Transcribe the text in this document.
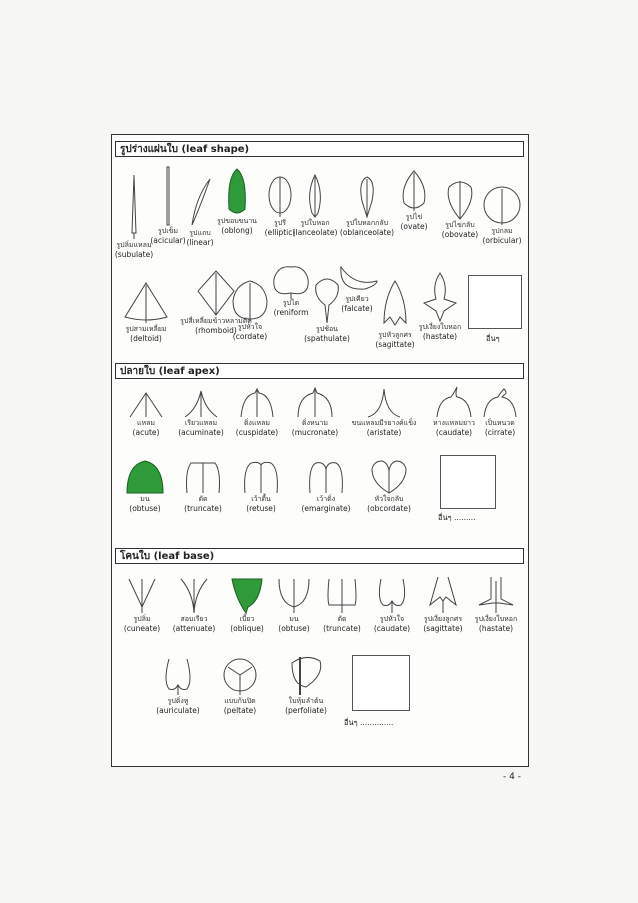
รูปร่างแผ่นใบ (leaf shape)
รูปลิ่มแหลม
(subulate)
รูปเข็ม
(acicular)
รูปแถบ
(linear)
รูปขอบขนาน
(oblong)
รูปรี
(elliptic)
รูปใบหอก
(lanceolate)
รูปใบหอกกลับ
(oblanceolate)
รูปไข่
(ovate)	รูปไข่กลับ
(obovate)	รูปกลม
(orbicular)
รูปสามเหลี่ยม
(deltoid)
รูปสี่เหลี่ยมข้าวหลามตัด
(rhomboid) รูปหัวใจ
(cordate)
รูปไต
(reniform
รูปช้อน
(spathulate)
รูปเคียว
(falcate)
รูปหัวลูกศร
(sagittate)
รูปเงี่ยงใบหอก
(hastate)	อื่นๆ
ปลายใบ (leaf apex)
แหลม
(acute)
เรียวแหลม
(acuminate)
ติ่งแหลม
(cuspidate)
ติ่งหนาม
(mucronate)
ขนแหลมมีรยางค์แข็ง
(aristate)
หางแหลมยาว
(caudate)
เป็นหนวด
(cirrate)
มน
(obtuse)
ตัด
(truncate)
เว้าตื้น
(retuse)
เว้าติ่ง
(emarginate)
หัวใจกลับ
(obcordate)
อื่นๆ .........
โคนใบ (leaf base)
รูปลิ่ม
(cuneate)
สอบเรียว
(attenuate)
เบี้ยว
(oblique)
มน
(obtuse)
ตัด
(truncate)
รูปหัวใจ
(caudate)
รูปเงี่ยงลูกศร
(sagittate)
รูปเงี่ยงใบหอก
(hastate)
รูปติ่งหู
(auriculate)
แบบก้นปิด
(peltate)
ใบหุ้มลำต้น
(perfoliate)
อื่นๆ ..............
- 4 -
